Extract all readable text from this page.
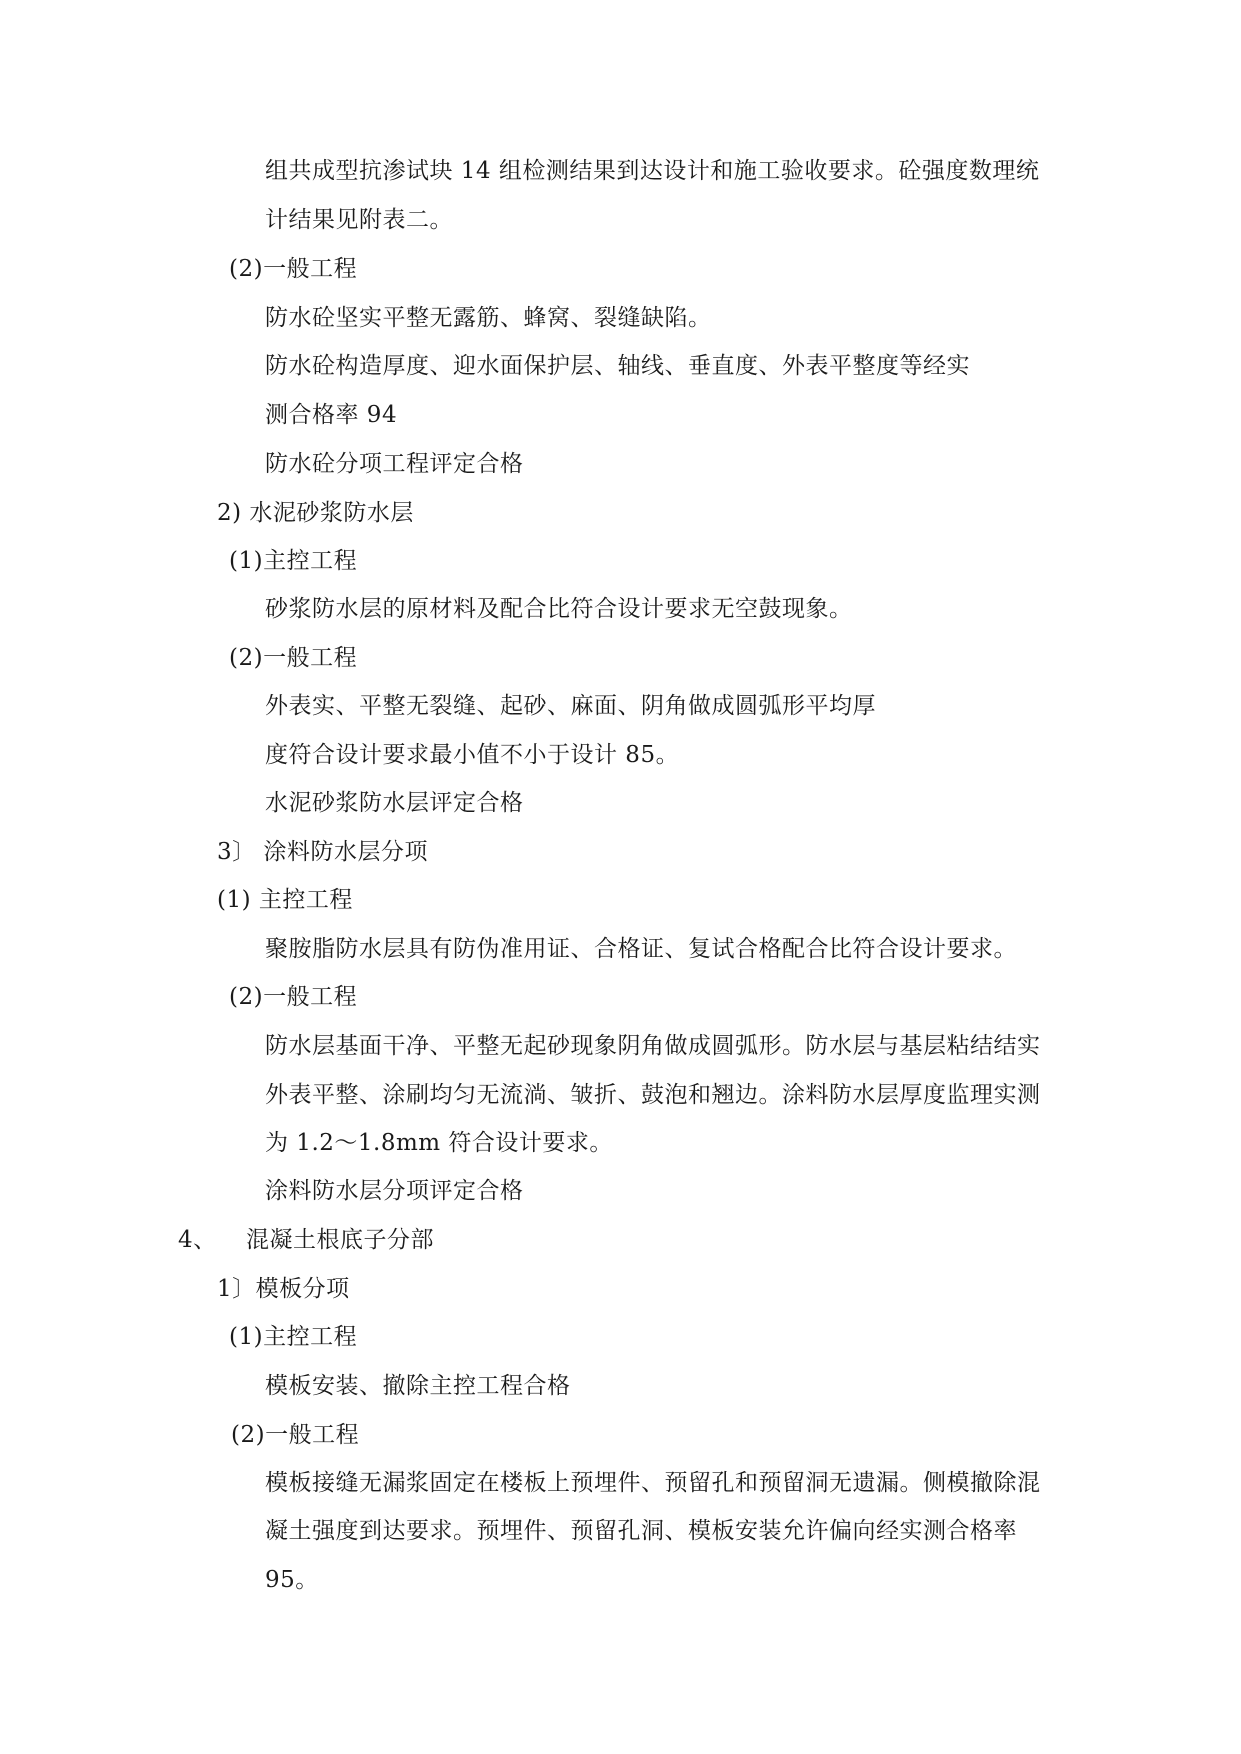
组共成型抗渗试块 14 组检测结果到达设计和施工验收要求。砼强度数理统
计结果见附表二。
(2)一般工程
防水砼坚实平整无露筋、蜂窝、裂缝缺陷。
防水砼构造厚度、迎水面保护层、轴线、垂直度、外表平整度等经实
测合格率 94
防水砼分项工程评定合格
2) 水泥砂浆防水层
(1)主控工程
砂浆防水层的原材料及配合比符合设计要求无空鼓现象。
(2)一般工程
外表实、平整无裂缝、起砂、麻面、阴角做成圆弧形平均厚
度符合设计要求最小值不小于设计 85。
水泥砂浆防水层评定合格
3〕 涂料防水层分项
(1) 主控工程
聚胺脂防水层具有防伪准用证、合格证、复试合格配合比符合设计要求。
(2)一般工程
防水层基面干净、平整无起砂现象阴角做成圆弧形。防水层与基层粘结结实
外表平整、涂刷均匀无流淌、皱折、鼓泡和翘边。涂料防水层厚度监理实测
为 1.2～1.8mm 符合设计要求。
涂料防水层分项评定合格
4、 混凝土根底子分部
1〕模板分项
(1)主控工程
模板安装、撤除主控工程合格
(2)一般工程
模板接缝无漏浆固定在楼板上预埋件、预留孔和预留洞无遗漏。侧模撤除混
凝土强度到达要求。预埋件、预留孔洞、模板安装允许偏向经实测合格率
95。
